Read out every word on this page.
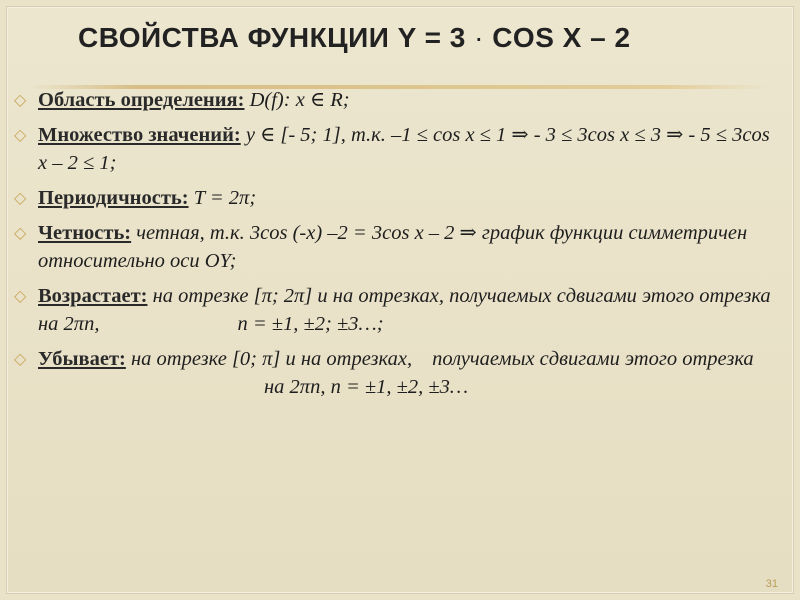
СВОЙСТВА ФУНКЦИИ Y = 3 · COS X – 2
◇ Область определения: D(f): x ∈ R;
◇ Множество значений: y ∈ [- 5; 1], т.к. –1 ≤ cos x ≤ 1 ⇒ - 3 ≤ 3cos x ≤ 3 ⇒ - 5 ≤ 3cos x – 2 ≤ 1;
◇ Периодичность: T = 2π;
◇ Четность: четная, т.к. 3cos (-x) –2 = 3cos x – 2 ⇒ график функции симметричен относительно оси OY;
◇ Возрастает: на отрезке [π; 2π] и на отрезках, получаемых сдвигами этого отрезка на 2πn,	n = ±1, ±2; ±3…;
◇ Убывает: на отрезке [0; π] и на отрезках, получаемых сдвигами этого отрезкана 2πn, n = ±1, ±2, ±3…
31
